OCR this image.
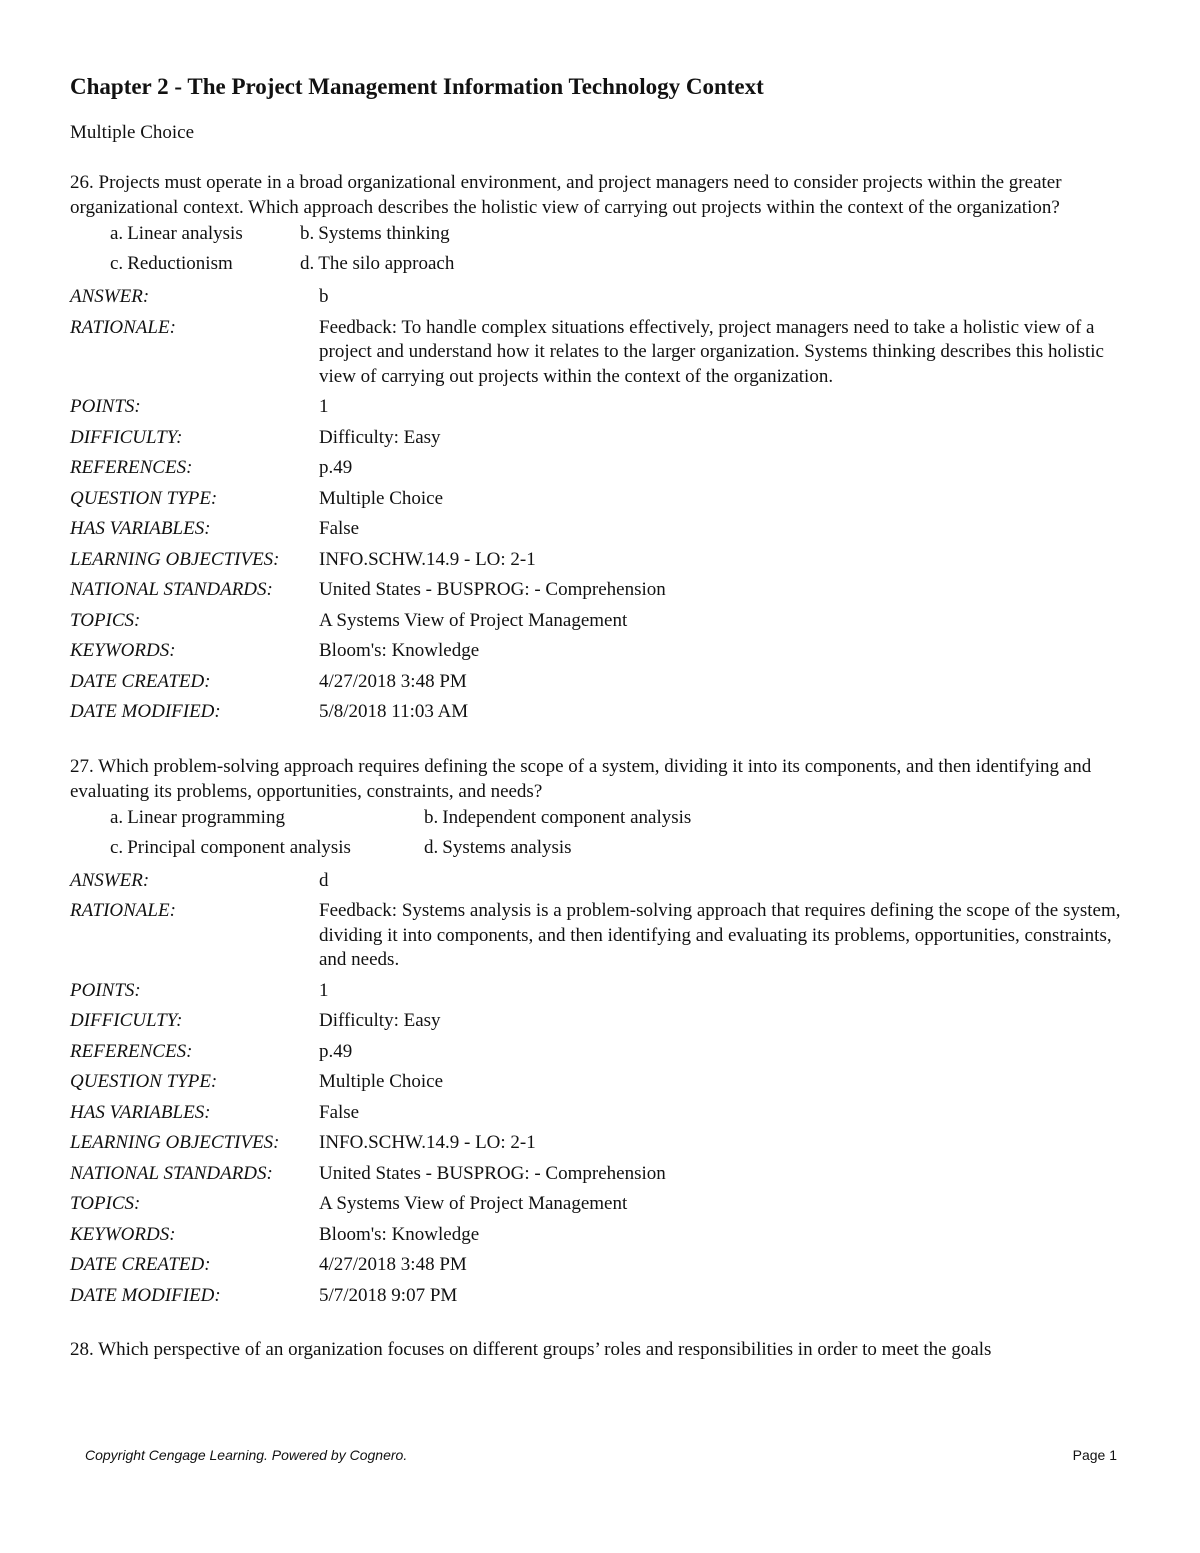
Chapter 2 - The Project Management Information Technology Context
Multiple Choice

26. Projects must operate in a broad organizational environment, and project managers need to consider projects within the greater organizational context. Which approach describes the holistic view of carrying out projects within the context of the organization?

a. Linear analysis	b. Systems thinking
c. Reductionism	d. The silo approach
ANSWER:	b
RATIONALE:	Feedback: To handle complex situations effectively, project managers need to take a holistic view of a project and understand how it relates to the larger organization. Systems thinking describes this holistic view of carrying out projects within the context of the organization.
POINTS:	1
DIFFICULTY:	Difficulty: Easy
REFERENCES:	p.49
QUESTION TYPE:	Multiple Choice
HAS VARIABLES:	False
LEARNING OBJECTIVES:	INFO.SCHW.14.9 - LO: 2-1
NATIONAL STANDARDS:	United States - BUSPROG: - Comprehension
TOPICS:	A Systems View of Project Management
KEYWORDS:	Bloom's: Knowledge
DATE CREATED:	4/27/2018 3:48 PM
DATE MODIFIED:	5/8/2018 11:03 AM

27. Which problem-solving approach requires defining the scope of a system, dividing it into its components, and then identifying and evaluating its problems, opportunities, constraints, and needs?

a. Linear programming	b. Independent component analysis
c. Principal component analysis	d. Systems analysis
ANSWER:	d
RATIONALE:	Feedback: Systems analysis is a problem-solving approach that requires defining the scope of the system, dividing it into components, and then identifying and evaluating its problems, opportunities, constraints, and needs.
POINTS:	1
DIFFICULTY:	Difficulty: Easy
REFERENCES:	p.49
QUESTION TYPE:	Multiple Choice
HAS VARIABLES:	False
LEARNING OBJECTIVES:	INFO.SCHW.14.9 - LO: 2-1
NATIONAL STANDARDS:	United States - BUSPROG: - Comprehension
TOPICS:	A Systems View of Project Management
KEYWORDS:	Bloom's: Knowledge
DATE CREATED:	4/27/2018 3:48 PM
DATE MODIFIED:	5/7/2018 9:07 PM

28. Which perspective of an organization focuses on different groups’ roles and responsibilities in order to meet the goals

Copyright Cengage Learning. Powered by Cognero.	Page 1
